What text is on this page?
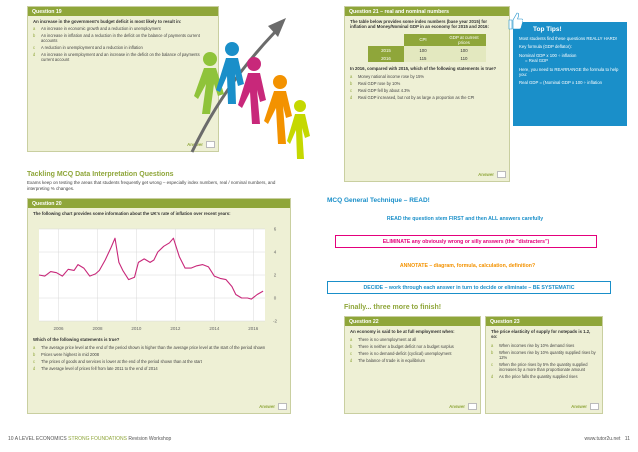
Question 19
An increase in the government's budget deficit is most likely to result in:
a	An increase in economic growth and a reduction in unemployment
b	An increase in inflation and a reduction in the deficit on the balance of payments current accounts
c	A reduction in unemployment and a reduction in inflation
d	An increase in unemployment and an increase in the deficit on the balance of payments current account
Answer
Tackling MCQ Data Interpretation Questions
Exams keep on testing the areas that students frequently get wrong – especially index numbers, real / nominal numbers, and interpreting % changes.
Question 20
The following chart provides some information about the UK's rate of inflation over recent years:
-2
0
2
4
6
2006	2008	2010	2012	2014	2016
Which of the following statements is true?
a	The average price level at the end of the period shown is higher than the average price level at the start of the period shown
b	Prices were highest in mid 2008
c	The prices of goods and services is lower at the end of the period shown than at the start
d	The average level of prices fell from late 2011 to the end of 2014
Answer
10 A LEVEL ECONOMICS STRONG FOUNDATIONS Revision Workshop
Question 21 – real and nominal numbers
The table below provides some index numbers (base year 2015) for inflation and Money/Nominal GDP in an economy for 2015 and 2016:
	CPI	GDP at current prices
2015	100	100
2016	115	110
In 2016, compared with 2015, which of the following statements is true?
a	Money national income rose by 15%
b	Real GDP rose by 10%
c	Real GDP fell by about 4.3%
d	Real GDP increased, but not by as large a proportion as the CPI
Answer
Top Tips!
Most students find these questions REALLY HARD!
Key formula (GDP deflator):
Nominal GDP x 100 ÷ inflation
= Real GDP
Here, you need to REARRANGE the formula to help you:
Real GDP = (Nominal GDP x 100 ÷ inflation
MCQ General Technique – READ!
READ the question stem FIRST and then ALL answers carefully
ELIMINATE any obviously wrong or silly answers (the "distracters")
ANNOTATE – diagram, formula, calculation, definition?
DECIDE – work through each answer in turn to decide or eliminate – BE SYSTEMATIC
Finally... three more to finish!
Question 22
An economy is said to be at full employment when:
a	There is no unemployment at all
b	There is neither a budget deficit nor a budget surplus
c	There is no demand-deficit (cyclical) unemployment
d	The balance of trade is in equilibrium
Answer
Question 23
The price elasticity of supply for notepads is 1.2, so:
a	When incomes rise by 10% demand rises
b	When incomes rise by 10% quantity supplied rises by 12%
c	When the price rises by 5% the quantity supplied increases by a more than proportionate amount
d	As the price falls the quantity supplied rises
Answer
www.tutor2u.net 11
